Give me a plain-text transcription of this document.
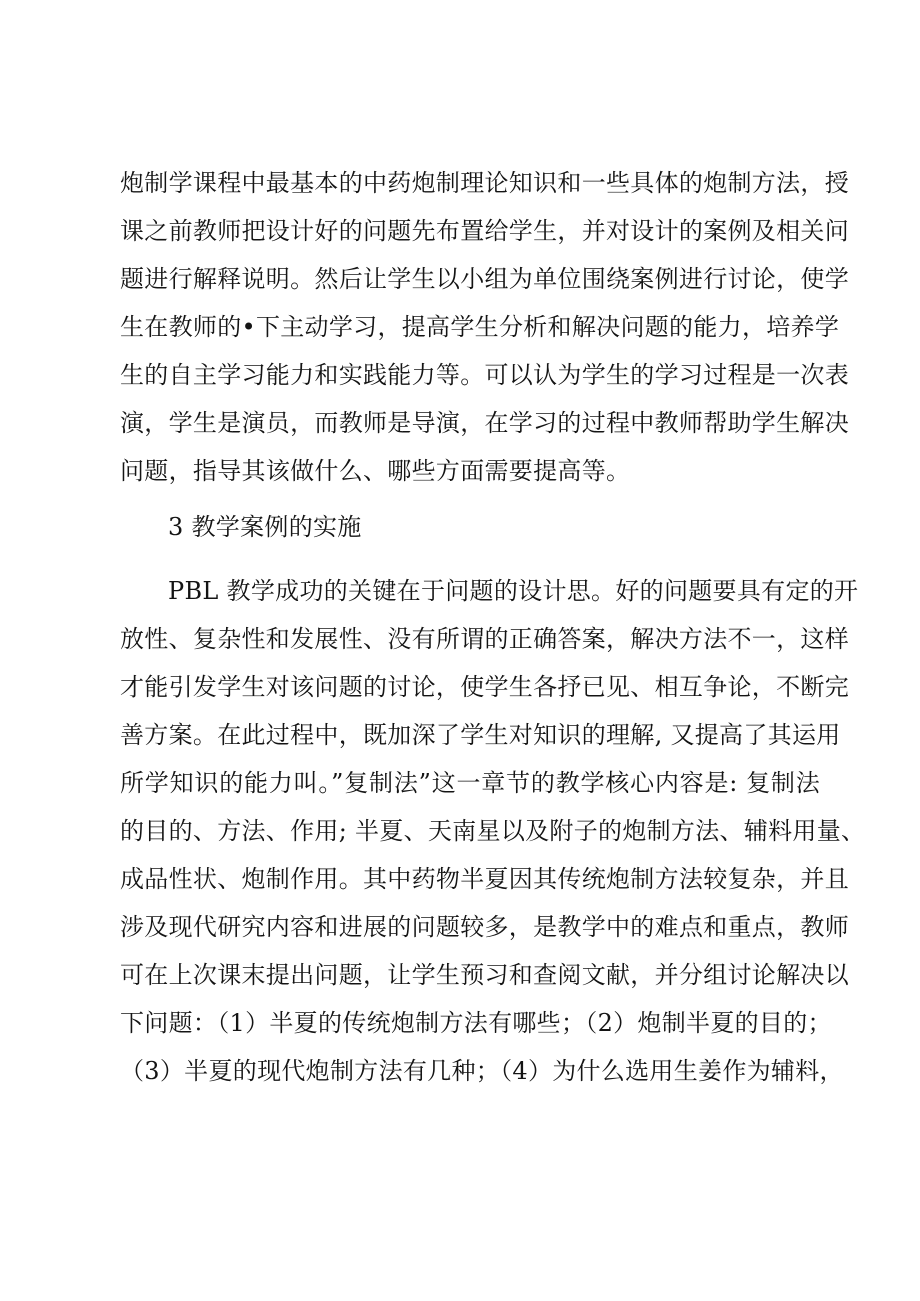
炮制学课程中最基本的中药炮制理论知识和一些具体的炮制方法，授
课之前教师把设计好的问题先布置给学生，并对设计的案例及相关问
题进行解释说明。然后让学生以小组为单位围绕案例进行讨论，使学
生在教师的•下主动学习，提高学生分析和解决问题的能力，培养学
生的自主学习能力和实践能力等。可以认为学生的学习过程是一次表
演，学生是演员，而教师是导演，在学习的过程中教师帮助学生解决
问题，指导其该做什么、哪些方面需要提高等。
3 教学案例的实施
PBL 教学成功的关键在于问题的设计思。好的问题要具有定的开
放性、复杂性和发展性、没有所谓的正确答案，解决方法不一，这样
才能引发学生对该问题的讨论，使学生各抒已见、相互争论，不断完
善方案。在此过程中，既加深了学生对知识的理解, 又提高了其运用
所学知识的能力叫。”复制法”这一章节的教学核心内容是: 复制法
的目的、方法、作用; 半夏、天南星以及附子的炮制方法、辅料用量、
成品性状、炮制作用。其中药物半夏因其传统炮制方法较复杂，并且
涉及现代研究内容和进展的问题较多，是教学中的难点和重点，教师
可在上次课末提出问题，让学生预习和查阅文献，并分组讨论解决以
下问题：（1）半夏的传统炮制方法有哪些；（2）炮制半夏的目的；
（3）半夏的现代炮制方法有几种；（4）为什么选用生姜作为辅料，
